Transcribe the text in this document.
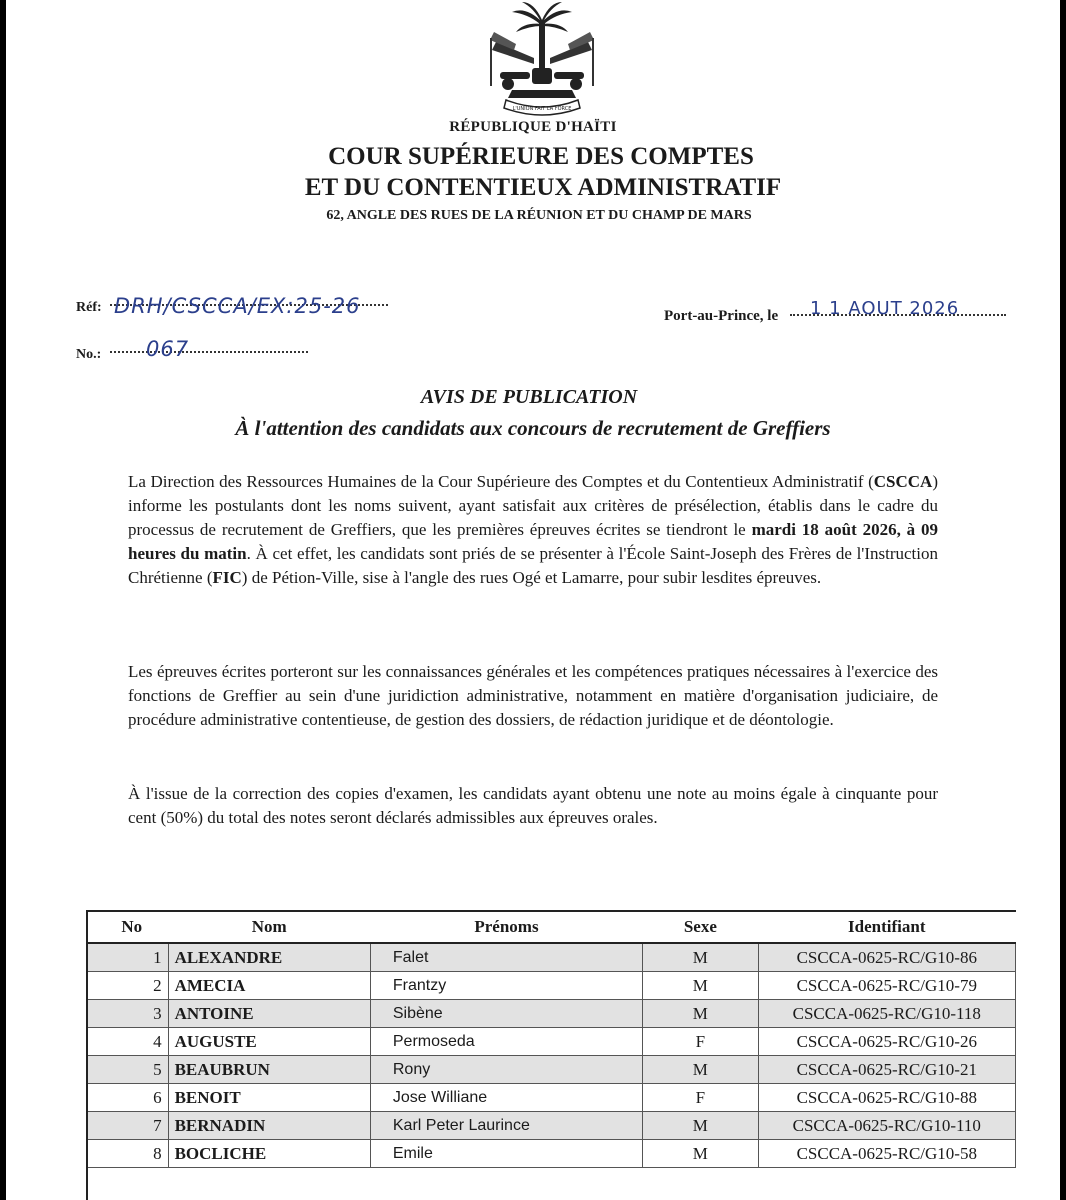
L'UNION FAIT LA FORCE
RÉPUBLIQUE D'HAÏTI
COUR SUPÉRIEURE DES COMPTES
ET DU CONTENTIEUX ADMINISTRATIF
62, ANGLE DES RUES DE LA RÉUNION ET DU CHAMP DE MARS
Réf: DRH/CSCCA/EX:25-26
No.: 067
Port-au-Prince, le 1 1 AOUT 2026
AVIS DE PUBLICATION
À l'attention des candidats aux concours de recrutement de Greffiers
La Direction des Ressources Humaines de la Cour Supérieure des Comptes et du Contentieux Administratif (CSCCA) informe les postulants dont les noms suivent, ayant satisfait aux critères de présélection, établis dans le cadre du processus de recrutement de Greffiers, que les premières épreuves écrites se tiendront le mardi 18 août 2026, à 09 heures du matin. À cet effet, les candidats sont priés de se présenter à l'École Saint-Joseph des Frères de l'Instruction Chrétienne (FIC) de Pétion-Ville, sise à l'angle des rues Ogé et Lamarre, pour subir lesdites épreuves.
Les épreuves écrites porteront sur les connaissances générales et les compétences pratiques nécessaires à l'exercice des fonctions de Greffier au sein d'une juridiction administrative, notamment en matière d'organisation judiciaire, de procédure administrative contentieuse, de gestion des dossiers, de rédaction juridique et de déontologie.
À l'issue de la correction des copies d'examen, les candidats ayant obtenu une note au moins égale à cinquante pour cent (50%) du total des notes seront déclarés admissibles aux épreuves orales.
No	Nom	Prénoms	Sexe	Identifiant
1	ALEXANDRE	Falet	M	CSCCA-0625-RC/G10-86
2	AMECIA	Frantzy	M	CSCCA-0625-RC/G10-79
3	ANTOINE	Sibène	M	CSCCA-0625-RC/G10-118
4	AUGUSTE	Permoseda	F	CSCCA-0625-RC/G10-26
5	BEAUBRUN	Rony	M	CSCCA-0625-RC/G10-21
6	BENOIT	Jose Williane	F	CSCCA-0625-RC/G10-88
7	BERNADIN	Karl Peter Laurince	M	CSCCA-0625-RC/G10-110
8	BOCLICHE	Emile	M	CSCCA-0625-RC/G10-58
